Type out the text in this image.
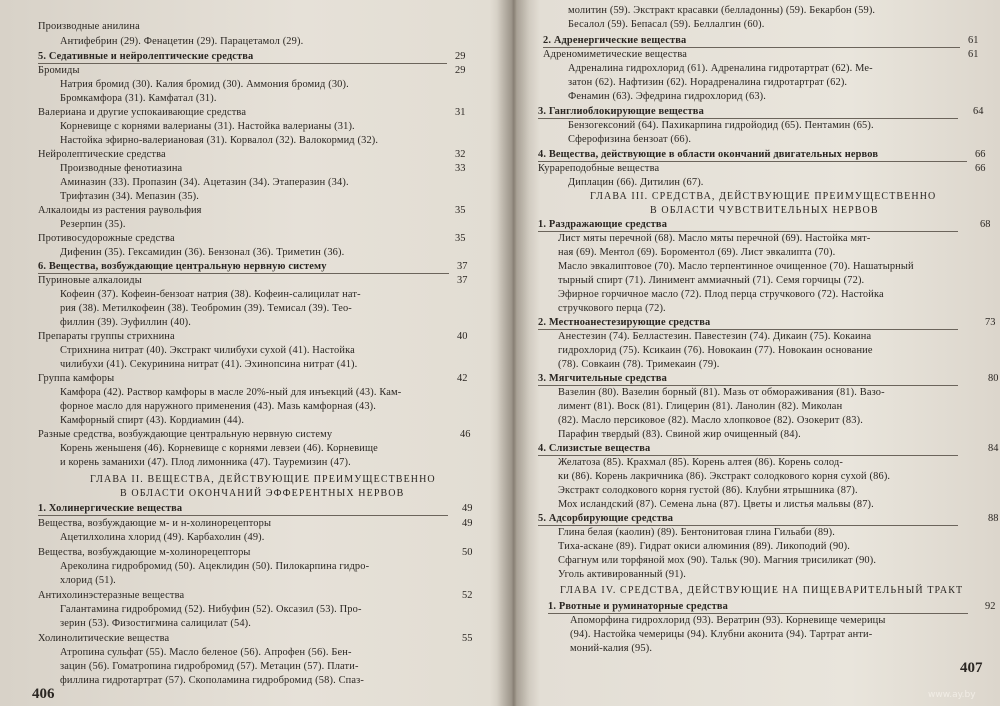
Производные анилина
Антифебрин (29). Фенацетин (29). Парацетамол (29).
5. Седативные и нейролептические средства	29
Бромиды	29
Натрия бромид (30). Калия бромид (30). Аммония бромид (30).
Бромкамфора (31). Камфатал (31).
Валериана и другие успокаивающие средства	31
Корневище с корнями валерианы (31). Настойка валерианы (31).
Настойка эфирно-валериановая (31). Корвалол (32). Валокормид (32).
Нейролептические средства	32
Производные фенотиазина	33
Аминазин (33). Пропазин (34). Ацетазин (34). Этаперазин (34).
Трифтазин (34). Мепазин (35).
Алкалоиды из растения раувольфия	35
Резерпин (35).
Противосудорожные средства	35
Дифенин (35). Гексамидин (36). Бензонал (36). Триметин (36).
6. Вещества, возбуждающие центральную нервную систему	37
Пуриновые алкалоиды	37
Кофеин (37). Кофеин-бензоат натрия (38). Кофеин-салицилат нат-
рия (38). Метилкофеин (38). Теобромин (39). Темисал (39). Тео-
филлин (39). Эуфиллин (40).
Препараты группы стрихнина	40
Стрихнина нитрат (40). Экстракт чилибухи сухой (41). Настойка
чилибухи (41). Секуринина нитрат (41). Эхинопсина нитрат (41).
Группа камфоры	42
Камфора (42). Раствор камфоры в масле 20%-ный для инъекций (43). Кам-
форное масло для наружного применения (43). Мазь камфорная (43).
Камфорный спирт (43). Кордиамин (44).
Разные средства, возбуждающие центральную нервную систему	46
Корень женьшеня (46). Корневище с корнями левзеи (46). Корневище
и корень заманихи (47). Плод лимонника (47). Тауремизин (47).
ГЛАВА II. ВЕЩЕСТВА, ДЕЙСТВУЮЩИЕ ПРЕИМУЩЕСТВЕННО
В ОБЛАСТИ ОКОНЧАНИЙ ЭФФЕРЕНТНЫХ НЕРВОВ
1. Холинергические вещества	49
Вещества, возбуждающие м- и н-холинорецепторы	49
Ацетилхолина хлорид (49). Карбахолин (49).
Вещества, возбуждающие м-холинорецепторы	50
Ареколина гидробромид (50). Ацеклидин (50). Пилокарпина гидро-
хлорид (51).
Антихолинэстеразные вещества	52
Галантамина гидробромид (52). Нибуфин (52). Оксазил (53). Про-
зерин (53). Физостигмина салицилат (54).
Холинолитические вещества	55
Атропина сульфат (55). Масло беленое (56). Апрофен (56). Бен-
зацин (56). Гоматропина гидробромид (57). Метацин (57). Плати-
филлина гидротартрат (57). Скополамина гидробромид (58). Спаз-
молитин (59). Экстракт красавки (белладонны) (59). Бекарбон (59).
Бесалол (59). Бепасал (59). Беллалгин (60).
2. Адренергические вещества	61
Адреномиметические вещества	61
Адреналина гидрохлорид (61). Адреналина гидротартрат (62). Ме-
затон (62). Нафтизин (62). Норадреналина гидротартрат (62).
Фенамин (63). Эфедрина гидрохлорид (63).
3. Ганглиоблокирующие вещества	64
Бензогексоний (64). Пахикарпина гидройодид (65). Пентамин (65).
Сферофизина бензоат (66).
4. Вещества, действующие в области окончаний двигательных нервов	66
Курареподобные вещества	66
Диплацин (66). Дитилин (67).
ГЛАВА III. СРЕДСТВА, ДЕЙСТВУЮЩИЕ ПРЕИМУЩЕСТВЕННО
В ОБЛАСТИ ЧУВСТВИТЕЛЬНЫХ НЕРВОВ
1. Раздражающие средства	68
Лист мяты перечной (68). Масло мяты перечной (69). Настойка мят-
ная (69). Ментол (69). Бороментол (69). Лист эвкалипта (70).
Масло эвкалиптовое (70). Масло терпентинное очищенное (70). Нашатырный
тырный спирт (71). Линимент аммиачный (71). Семя горчицы (72).
Эфирное горчичное масло (72). Плод перца стручкового (72). Настойка
стручкового перца (72).
2. Местноанестезирующие средства	73
Анестезин (74). Белластезин. Павестезин (74). Дикаин (75). Кокаина
гидрохлорид (75). Ксикаин (76). Новокаин (77). Новокаин основание
(78). Совкаин (78). Тримекаин (79).
3. Мягчительные средства	80
Вазелин (80). Вазелин борный (81). Мазь от обмораживания (81). Вазо-
лимент (81). Воск (81). Глицерин (81). Ланолин (82). Миколан
(82). Масло персиковое (82). Масло хлопковое (82). Озокерит (83).
Парафин твердый (83). Свиной жир очищенный (84).
4. Слизистые вещества	84
Желатоза (85). Крахмал (85). Корень алтея (86). Корень солод-
ки (86). Корень лакричника (86). Экстракт солодкового корня сухой (86).
Экстракт солодкового корня густой (86). Клубни ятрышника (87).
Мох исландский (87). Семена льна (87). Цветы и листья мальвы (87).
5. Адсорбирующие средства	88
Глина белая (каолин) (89). Бентонитовая глина Гильаби (89).
Тиха-аскане (89). Гидрат окиси алюминия (89). Ликоподий (90).
Сфагнум или торфяной мох (90). Тальк (90). Магния трисиликат (90).
Уголь активированный (91).
ГЛАВА IV. СРЕДСТВА, ДЕЙСТВУЮЩИЕ НА ПИЩЕВАРИТЕЛЬНЫЙ ТРАКТ
1. Рвотные и руминаторные средства	92
Апоморфина гидрохлорид (93). Вератрин (93). Корневище чемерицы
(94). Настойка чемерицы (94). Клубни аконита (94). Тартрат анти-
моний-калия (95).
406
407
www.ay.by
